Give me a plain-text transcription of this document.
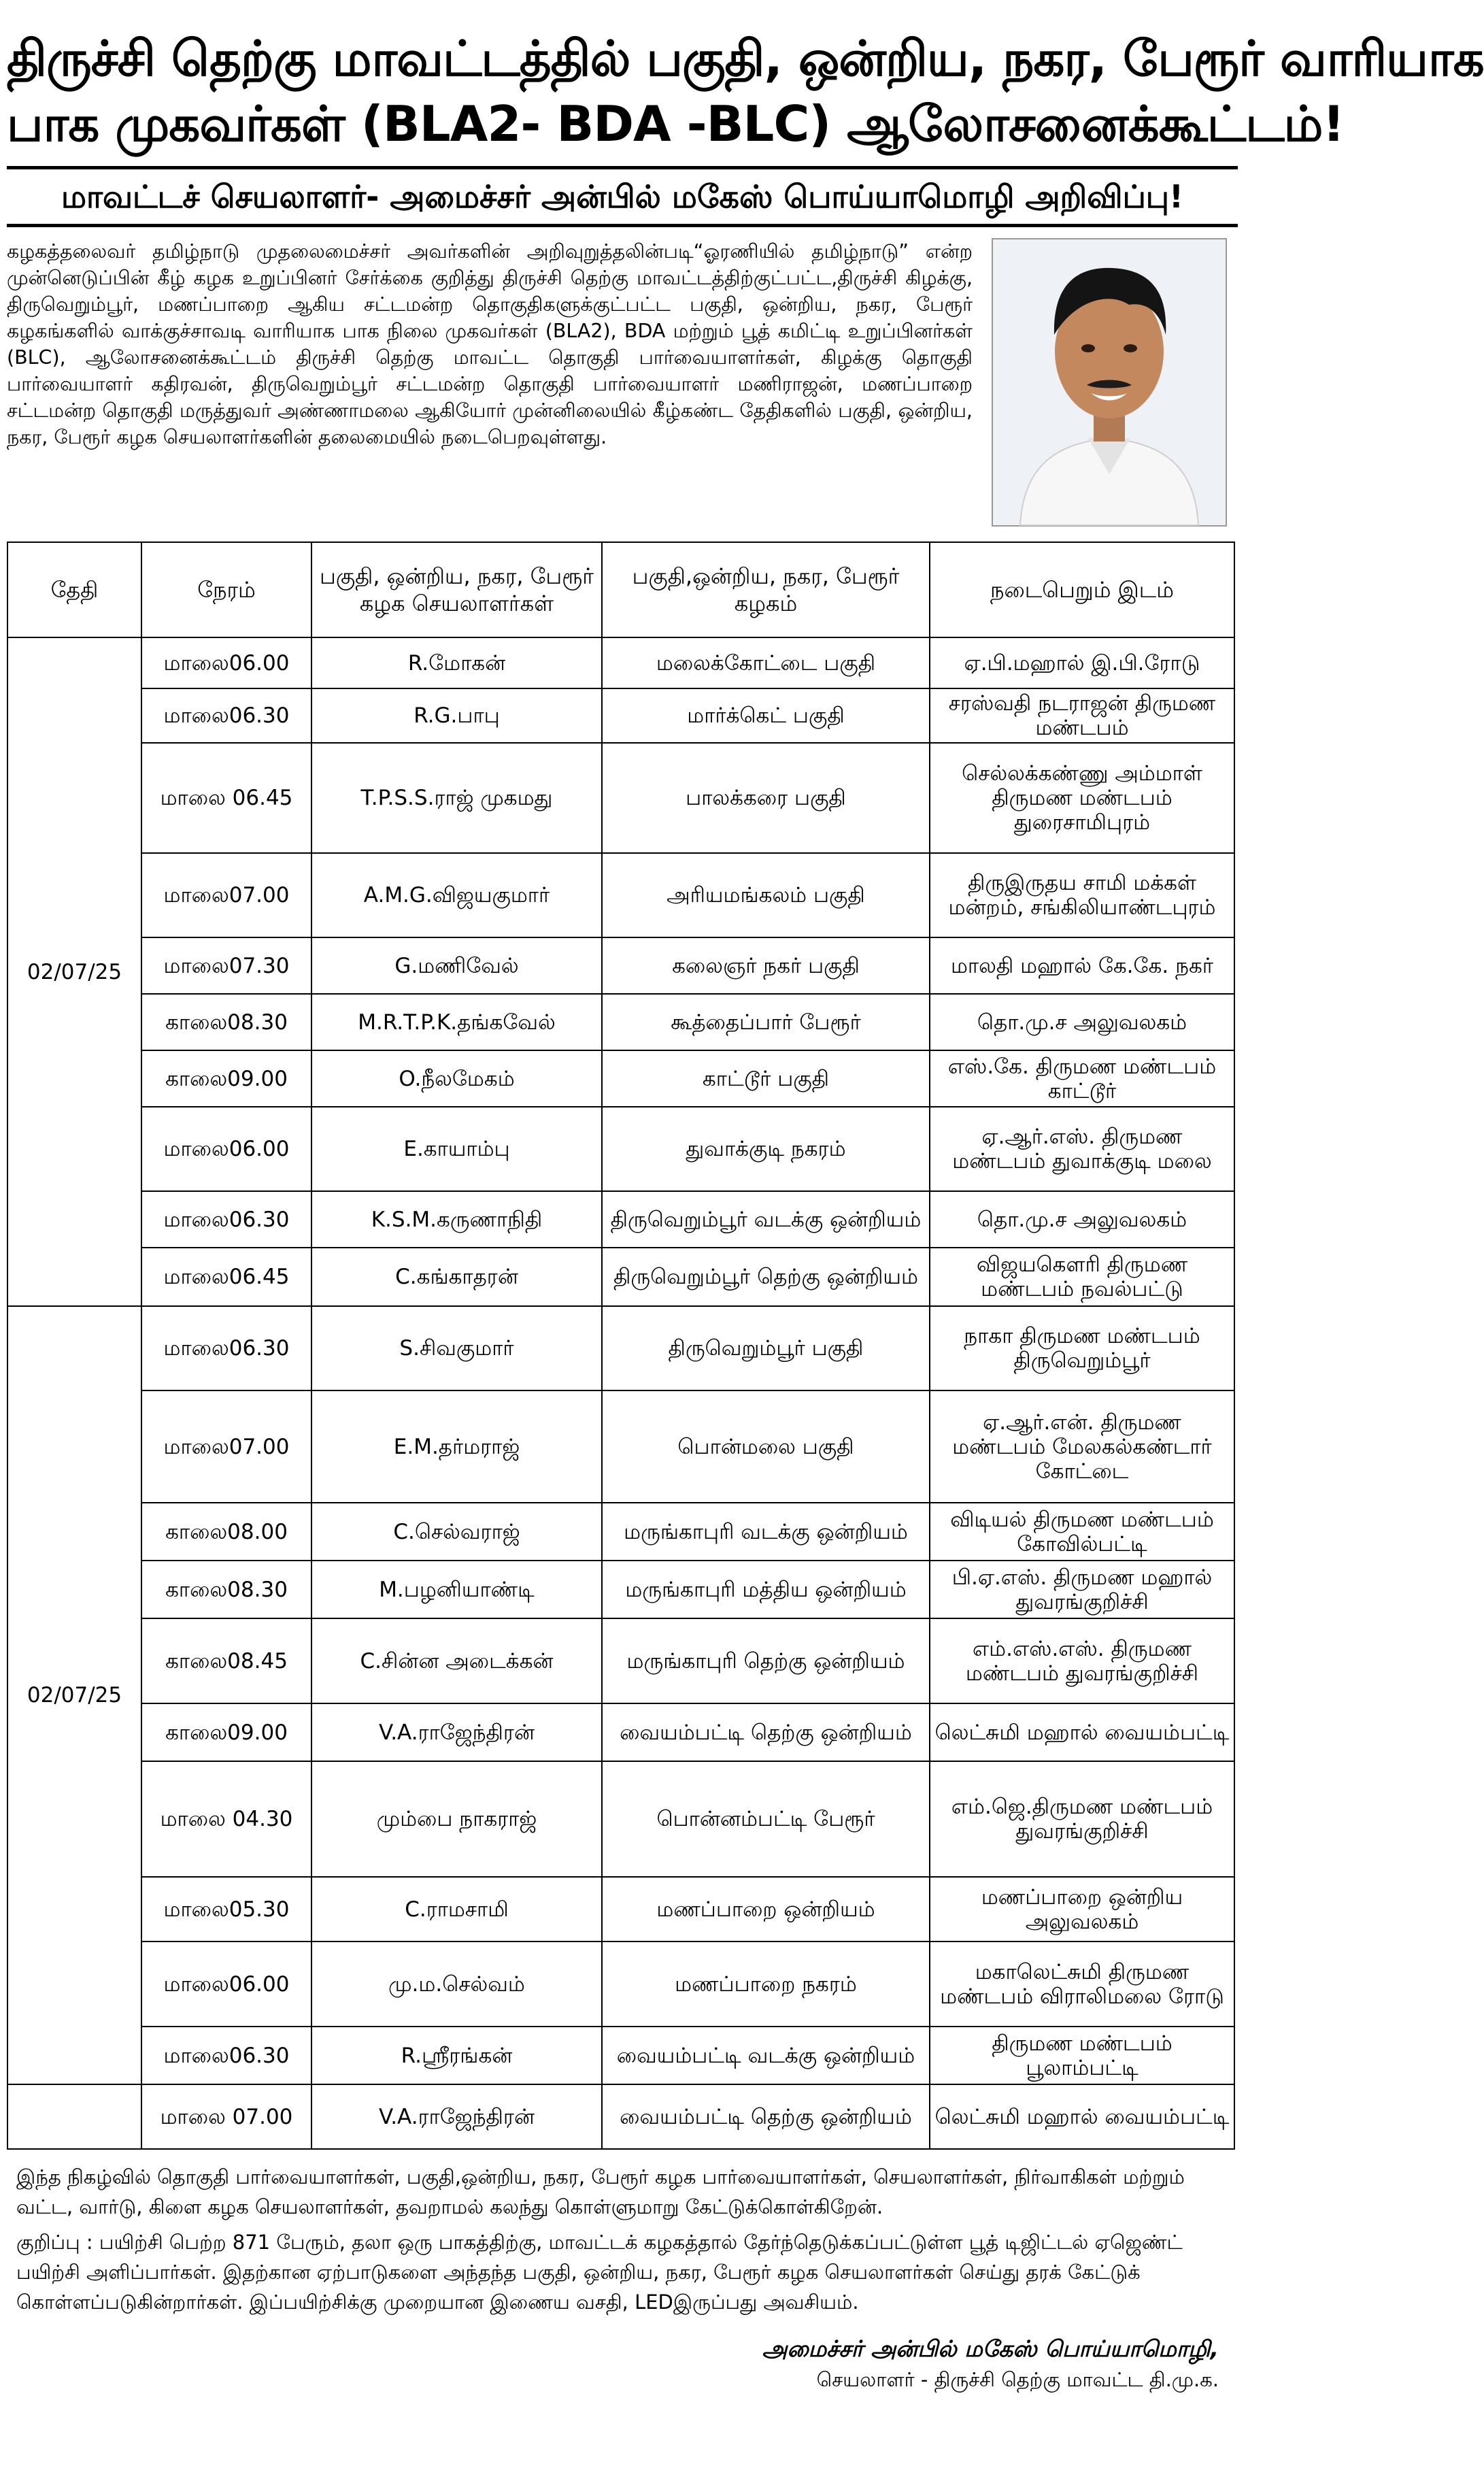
திருச்சி தெற்கு மாவட்டத்தில் பகுதி, ஒன்றிய, நகர, பேரூர் வாரியாக
பாக முகவர்கள் (BLA2- BDA -BLC) ஆலோசனைக்கூட்டம்!
மாவட்டச் செயலாளர்- அமைச்சர் அன்பில் மகேஸ் பொய்யாமொழி அறிவிப்பு!
கழகத்தலைவர் தமிழ்நாடு முதலைமைச்சர் அவர்களின் அறிவுறுத்தலின்படி“ஓரணியில் தமிழ்நாடு” என்ற முன்னெடுப்பின் கீழ் கழக உறுப்பினர் சேர்க்கை குறித்து திருச்சி தெற்கு மாவட்டத்திற்குட்பட்ட,திருச்சி கிழக்கு, திருவெறும்பூர், மணப்பாறை ஆகிய சட்டமன்ற தொகுதிகளுக்குட்பட்ட பகுதி, ஒன்றிய, நகர, பேரூர் கழகங்களில் வாக்குச்சாவடி வாரியாக பாக நிலை முகவர்கள் (BLA2), BDA மற்றும் பூத் கமிட்டி உறுப்பினர்கள் (BLC), ஆலோசனைக்கூட்டம் திருச்சி தெற்கு மாவட்ட தொகுதி பார்வையாளர்கள், கிழக்கு தொகுதி பார்வையாளர் கதிரவன், திருவெறும்பூர் சட்டமன்ற தொகுதி பார்வையாளர் மணிராஜன், மணப்பாறை சட்டமன்ற தொகுதி மருத்துவர் அண்ணாமலை ஆகியோர் முன்னிலையில் கீழ்கண்ட தேதிகளில் பகுதி, ஒன்றிய, நகர, பேரூர் கழக செயலாளர்களின் தலைமையில் நடைபெறவுள்ளது.
தேதி	நேரம்	பகுதி, ஒன்றிய, நகர, பேரூர் கழக செயலாளர்கள்	பகுதி,ஒன்றிய, நகர, பேரூர் கழகம்	நடைபெறும் இடம்
02/07/25	மாலை06.00	R.மோகன்	மலைக்கோட்டை பகுதி	ஏ.பி.மஹால் இ.பி.ரோடு
	மாலை06.30	R.G.பாபு	மார்க்கெட் பகுதி	சரஸ்வதி நடராஜன் திருமண மண்டபம்
	மாலை 06.45	T.P.S.S.ராஜ் முகமது	பாலக்கரை பகுதி	செல்லக்கண்ணு அம்மாள் திருமண மண்டபம் துரைசாமிபுரம்
	மாலை07.00	A.M.G.விஜயகுமார்	அரியமங்கலம் பகுதி	திருஇருதய சாமி மக்கள் மன்றம், சங்கிலியாண்டபுரம்
	மாலை07.30	G.மணிவேல்	கலைஞர் நகர் பகுதி	மாலதி மஹால் கே.கே. நகர்
	காலை08.30	M.R.T.P.K.தங்கவேல்	கூத்தைப்பார் பேரூர்	தொ.மு.ச அலுவலகம்
	காலை09.00	O.நீலமேகம்	காட்டூர் பகுதி	எஸ்.கே. திருமண மண்டபம் காட்டூர்
	மாலை06.00	E.காயாம்பு	துவாக்குடி நகரம்	ஏ.ஆர்.எஸ். திருமண மண்டபம் துவாக்குடி மலை
	மாலை06.30	K.S.M.கருணாநிதி	திருவெறும்பூர் வடக்கு ஒன்றியம்	தொ.மு.ச அலுவலகம்
	மாலை06.45	C.கங்காதரன்	திருவெறும்பூர் தெற்கு ஒன்றியம்	விஜயகௌரி திருமண மண்டபம் நவல்பட்டு
02/07/25	மாலை06.30	S.சிவகுமார்	திருவெறும்பூர் பகுதி	நாகா திருமண மண்டபம் திருவெறும்பூர்
	மாலை07.00	E.M.தர்மராஜ்	பொன்மலை பகுதி	ஏ.ஆர்.என். திருமண மண்டபம் மேலகல்கண்டார் கோட்டை
	காலை08.00	C.செல்வராஜ்	மருங்காபுரி வடக்கு ஒன்றியம்	விடியல் திருமண மண்டபம் கோவில்பட்டி
	காலை08.30	M.பழனியாண்டி	மருங்காபுரி மத்திய ஒன்றியம்	பி.ஏ.எஸ். திருமண மஹால் துவரங்குறிச்சி
	காலை08.45	C.சின்ன அடைக்கன்	மருங்காபுரி தெற்கு ஒன்றியம்	எம்.எஸ்.எஸ். திருமண மண்டபம் துவரங்குறிச்சி
	காலை09.00	V.A.ராஜேந்திரன்	வையம்பட்டி தெற்கு ஒன்றியம்	லெட்சுமி மஹால் வையம்பட்டி
	மாலை 04.30	மும்பை நாகராஜ்	பொன்னம்பட்டி பேரூர்	எம்.ஜெ.திருமண மண்டபம் துவரங்குறிச்சி
	மாலை05.30	C.ராமசாமி	மணப்பாறை ஒன்றியம்	மணப்பாறை ஒன்றிய அலுவலகம்
	மாலை06.00	மு.ம.செல்வம்	மணப்பாறை நகரம்	மகாலெட்சுமி திருமண மண்டபம் விராலிமலை ரோடு
	மாலை06.30	R.ஸ்ரீரங்கன்	வையம்பட்டி வடக்கு ஒன்றியம்	திருமண மண்டபம் பூலாம்பட்டி
	மாலை 07.00	V.A.ராஜேந்திரன்	வையம்பட்டி தெற்கு ஒன்றியம்	லெட்சுமி மஹால் வையம்பட்டி

இந்த நிகழ்வில் தொகுதி பார்வையாளர்கள், பகுதி,ஒன்றிய, நகர, பேரூர் கழக பார்வையாளர்கள், செயலாளர்கள், நிர்வாகிகள் மற்றும் வட்ட, வார்டு, கிளை கழக செயலாளர்கள், தவறாமல் கலந்து கொள்ளுமாறு கேட்டுக்கொள்கிறேன்.

குறிப்பு : பயிற்சி பெற்ற 871 பேரும், தலா ஒரு பாகத்திற்கு, மாவட்டக் கழகத்தால் தேர்ந்தெடுக்கப்பட்டுள்ள பூத் டிஜிட்டல் ஏஜெண்ட் பயிற்சி அளிப்பார்கள். இதற்கான ஏற்பாடுகளை அந்தந்த பகுதி, ஒன்றிய, நகர, பேரூர் கழக செயலாளர்கள் செய்து தரக் கேட்டுக் கொள்ளப்படுகின்றார்கள். இப்பயிற்சிக்கு முறையான இணைய வசதி, LEDஇருப்பது அவசியம்.

அமைச்சர் அன்பில் மகேஸ் பொய்யாமொழி,
செயலாளர் - திருச்சி தெற்கு மாவட்ட தி.மு.க.
